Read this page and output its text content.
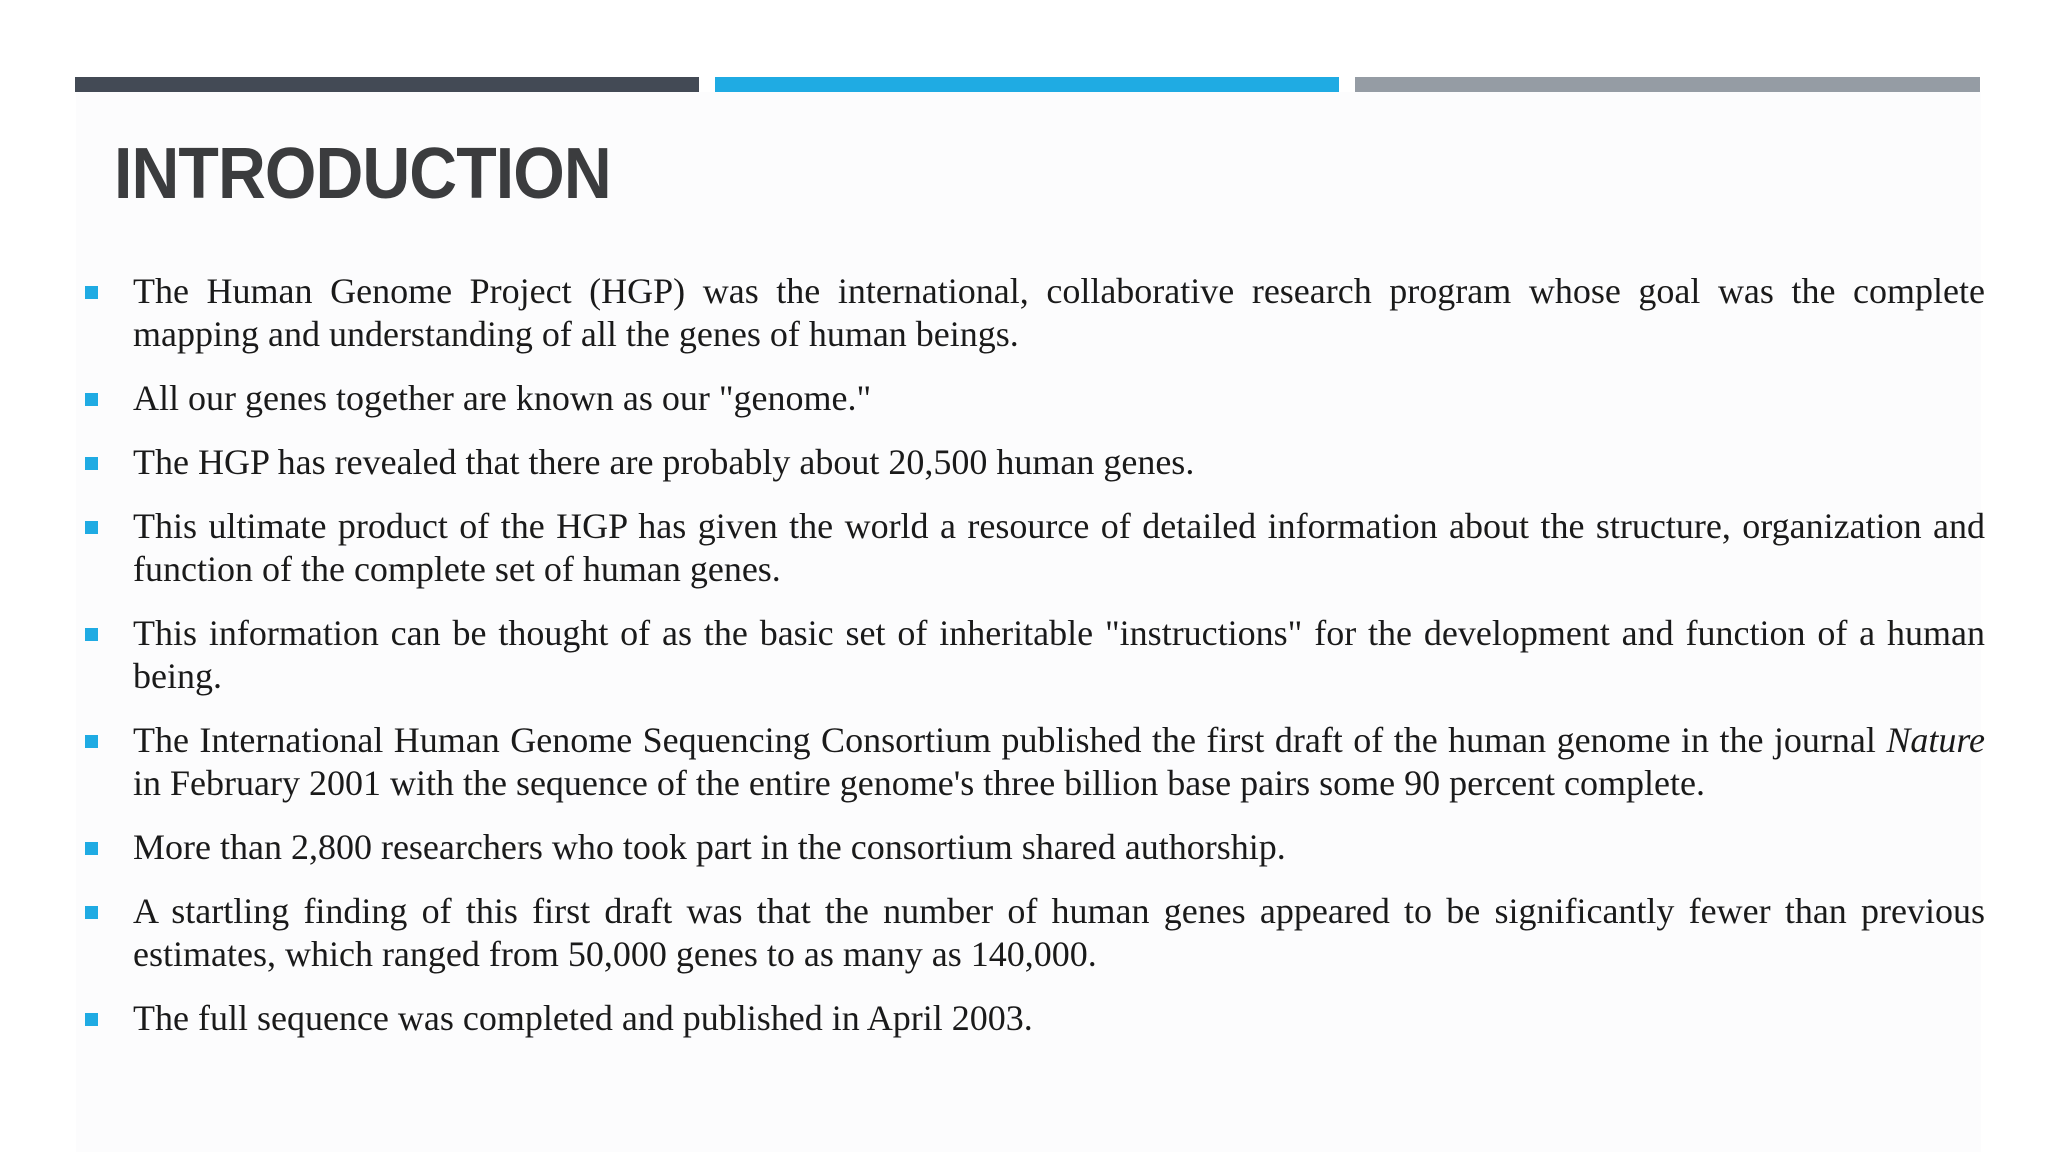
INTRODUCTION
The Human Genome Project (HGP) was the international, collaborative research program whose goal was the complete mapping and understanding of all the genes of human beings.
All our genes together are known as our "genome."
The HGP has revealed that there are probably about 20,500 human genes.
This ultimate product of the HGP has given the world a resource of detailed information about the structure, organization and function of the complete set of human genes.
This information can be thought of as the basic set of inheritable "instructions" for the development and function of a human being.
The International Human Genome Sequencing Consortium published the first draft of the human genome in the journal Nature in February 2001 with the sequence of the entire genome's three billion base pairs some 90 percent complete.
More than 2,800 researchers who took part in the consortium shared authorship.
A startling finding of this first draft was that the number of human genes appeared to be significantly fewer than previous estimates, which ranged from 50,000 genes to as many as 140,000.
The full sequence was completed and published in April 2003.
